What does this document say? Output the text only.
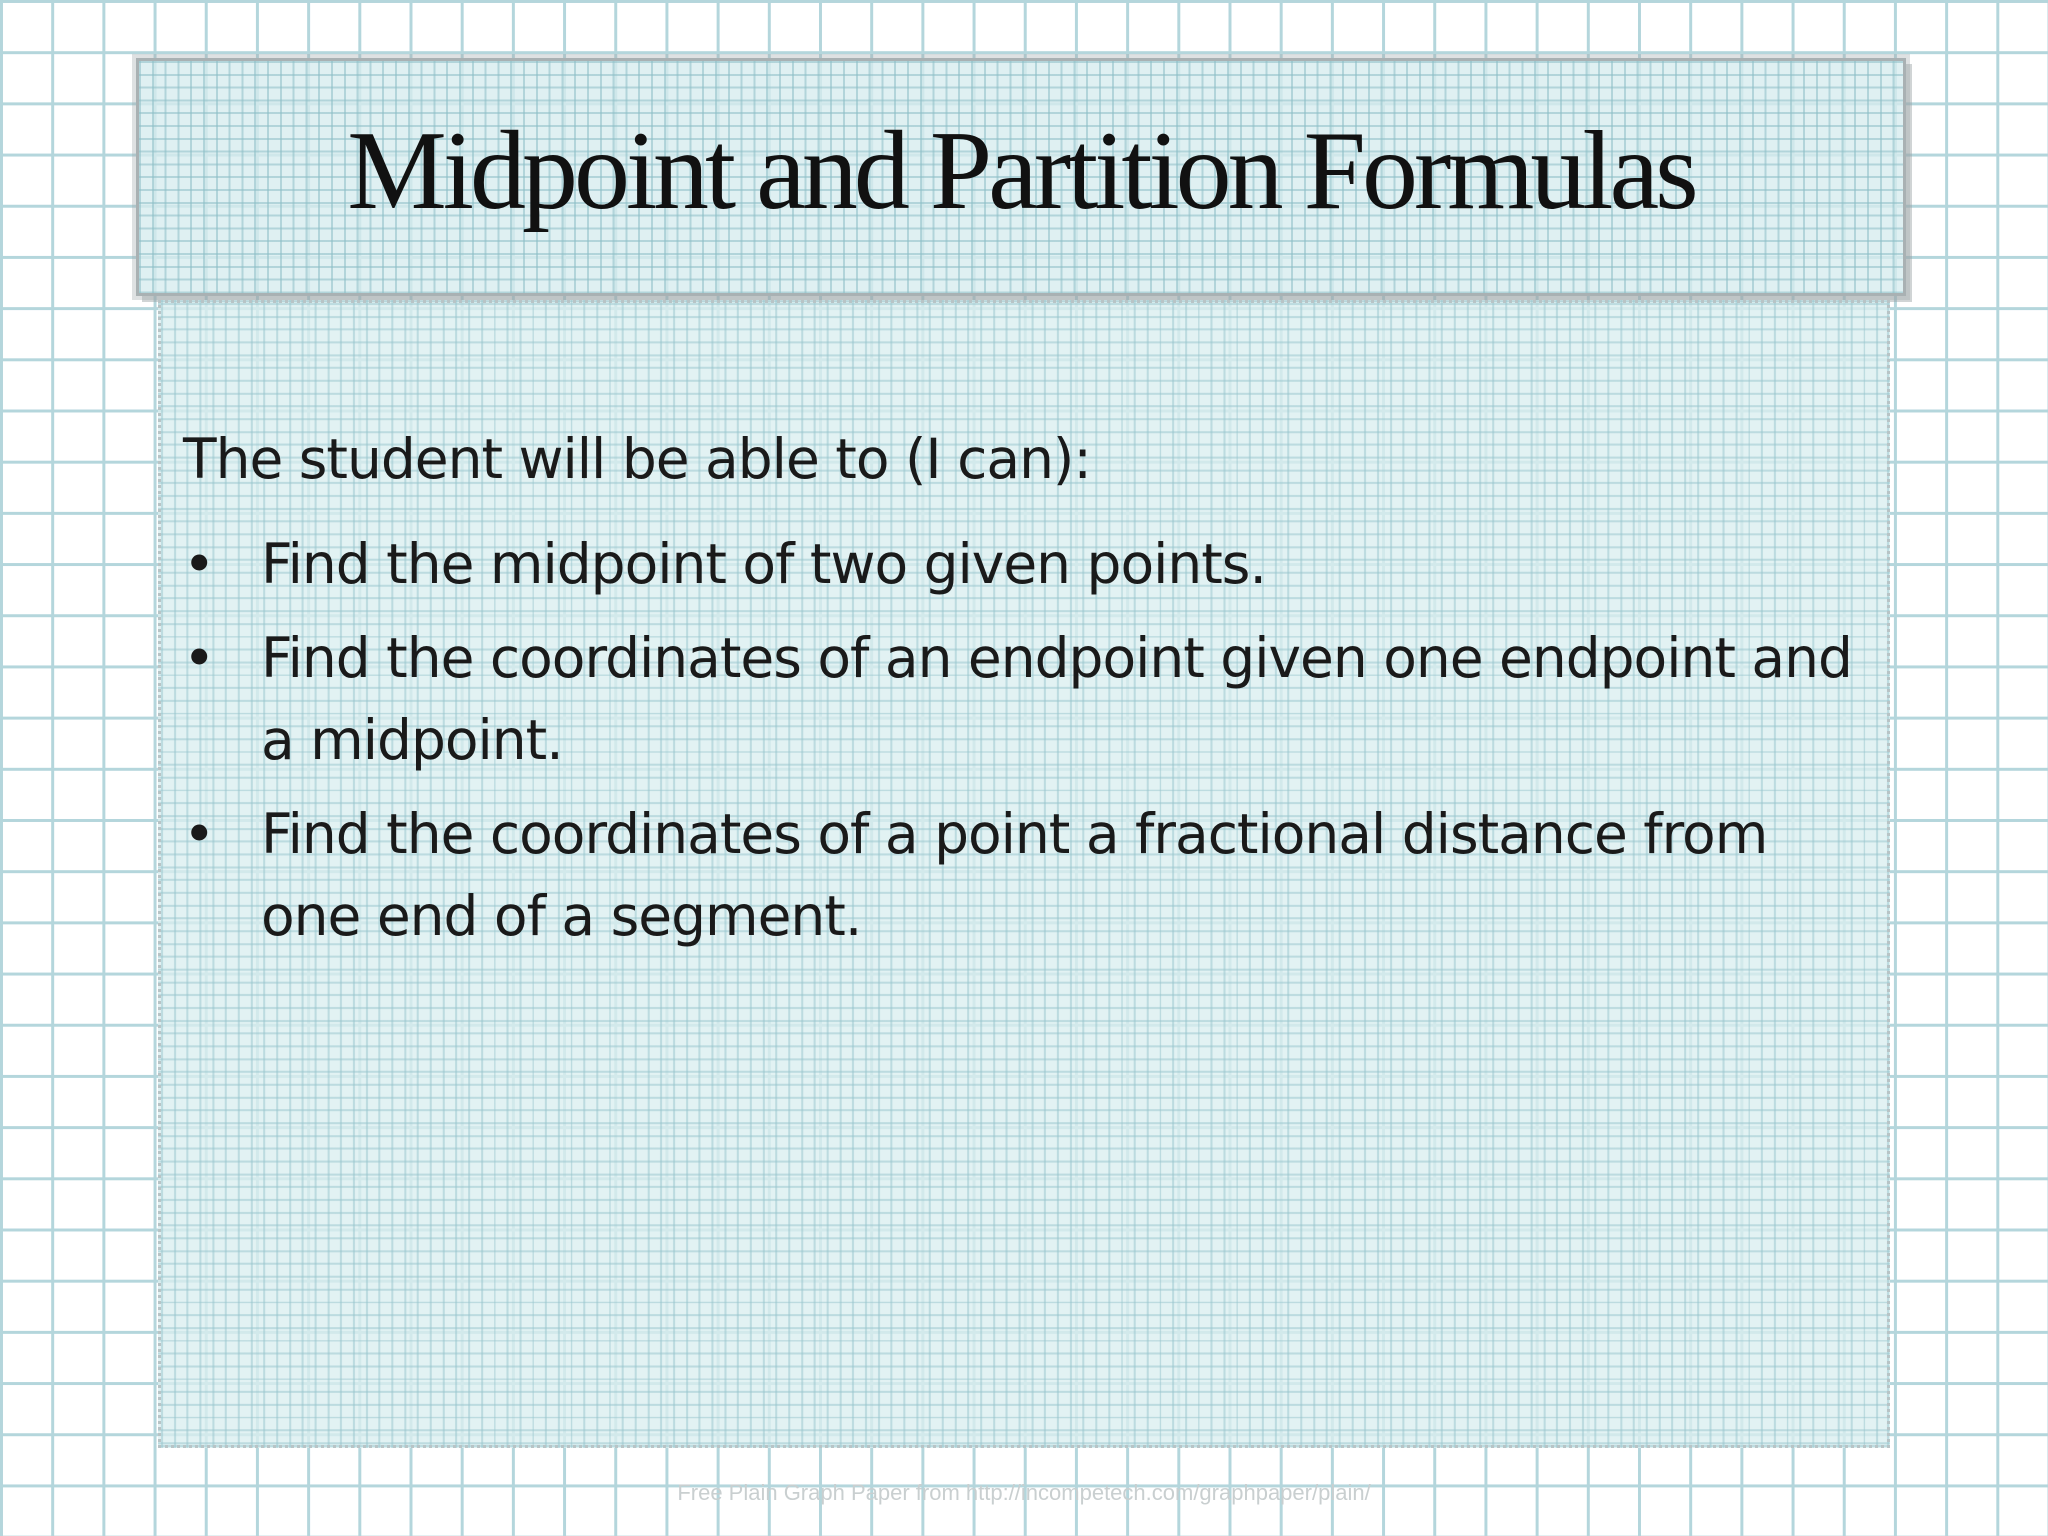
Midpoint and Partition Formulas

The student will be able to (I can):

• Find the midpoint of two given points.
• Find the coordinates of an endpoint given one endpoint and a midpoint.
• Find the coordinates of a point a fractional distance from one end of a segment.

Free Plain Graph Paper from http://incompetech.com/graphpaper/plain/
